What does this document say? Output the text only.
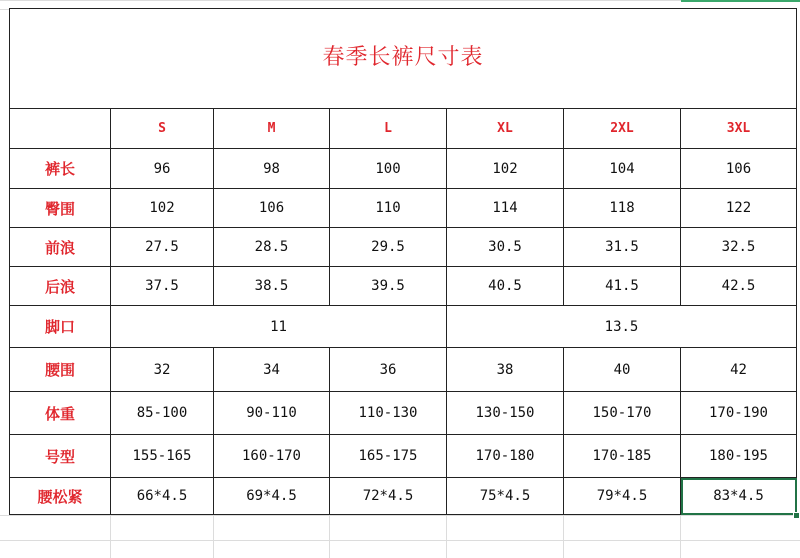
春季长裤尺寸表						
	S	M	L	XL	2XL	3XL
裤长	96	98	100	102	104	106
臀围	102	106	110	114	118	122
前浪	27.5	28.5	29.5	30.5	31.5	32.5
后浪	37.5	38.5	39.5	40.5	41.5	42.5
脚口	11			13.5		
腰围	32	34	36	38	40	42
体重	85-100	90-110	110-130	130-150	150-170	170-190
号型	155-165	160-170	165-175	170-180	170-185	180-195
腰松紧	66*4.5	69*4.5	72*4.5	75*4.5	79*4.5	83*4.5
